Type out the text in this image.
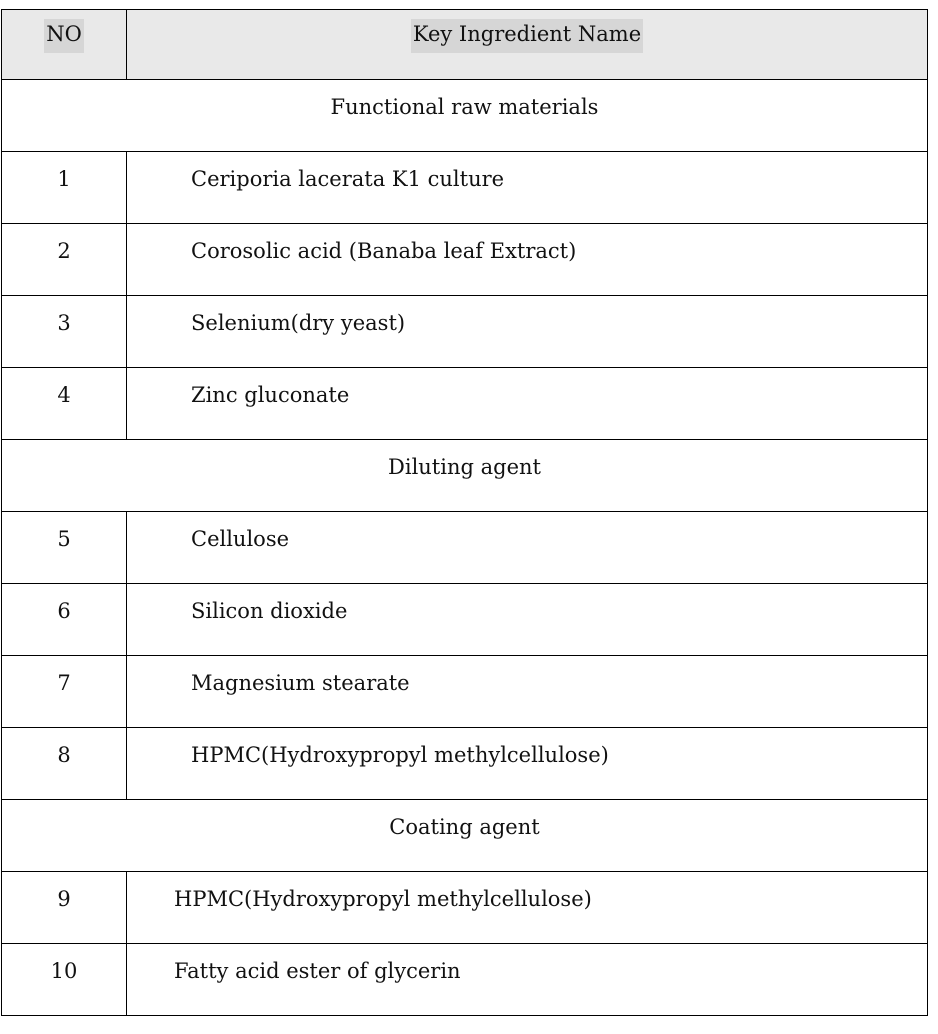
NO	Key Ingredient Name
Functional raw materials	
1	Ceriporia lacerata K1 culture
2	Corosolic acid (Banaba leaf Extract)
3	Selenium(dry yeast)
4	Zinc gluconate
Diluting agent	
5	Cellulose
6	Silicon dioxide
7	Magnesium stearate
8	HPMC(Hydroxypropyl methylcellulose)
Coating agent	
9	HPMC(Hydroxypropyl methylcellulose)
10	Fatty acid ester of glycerin
